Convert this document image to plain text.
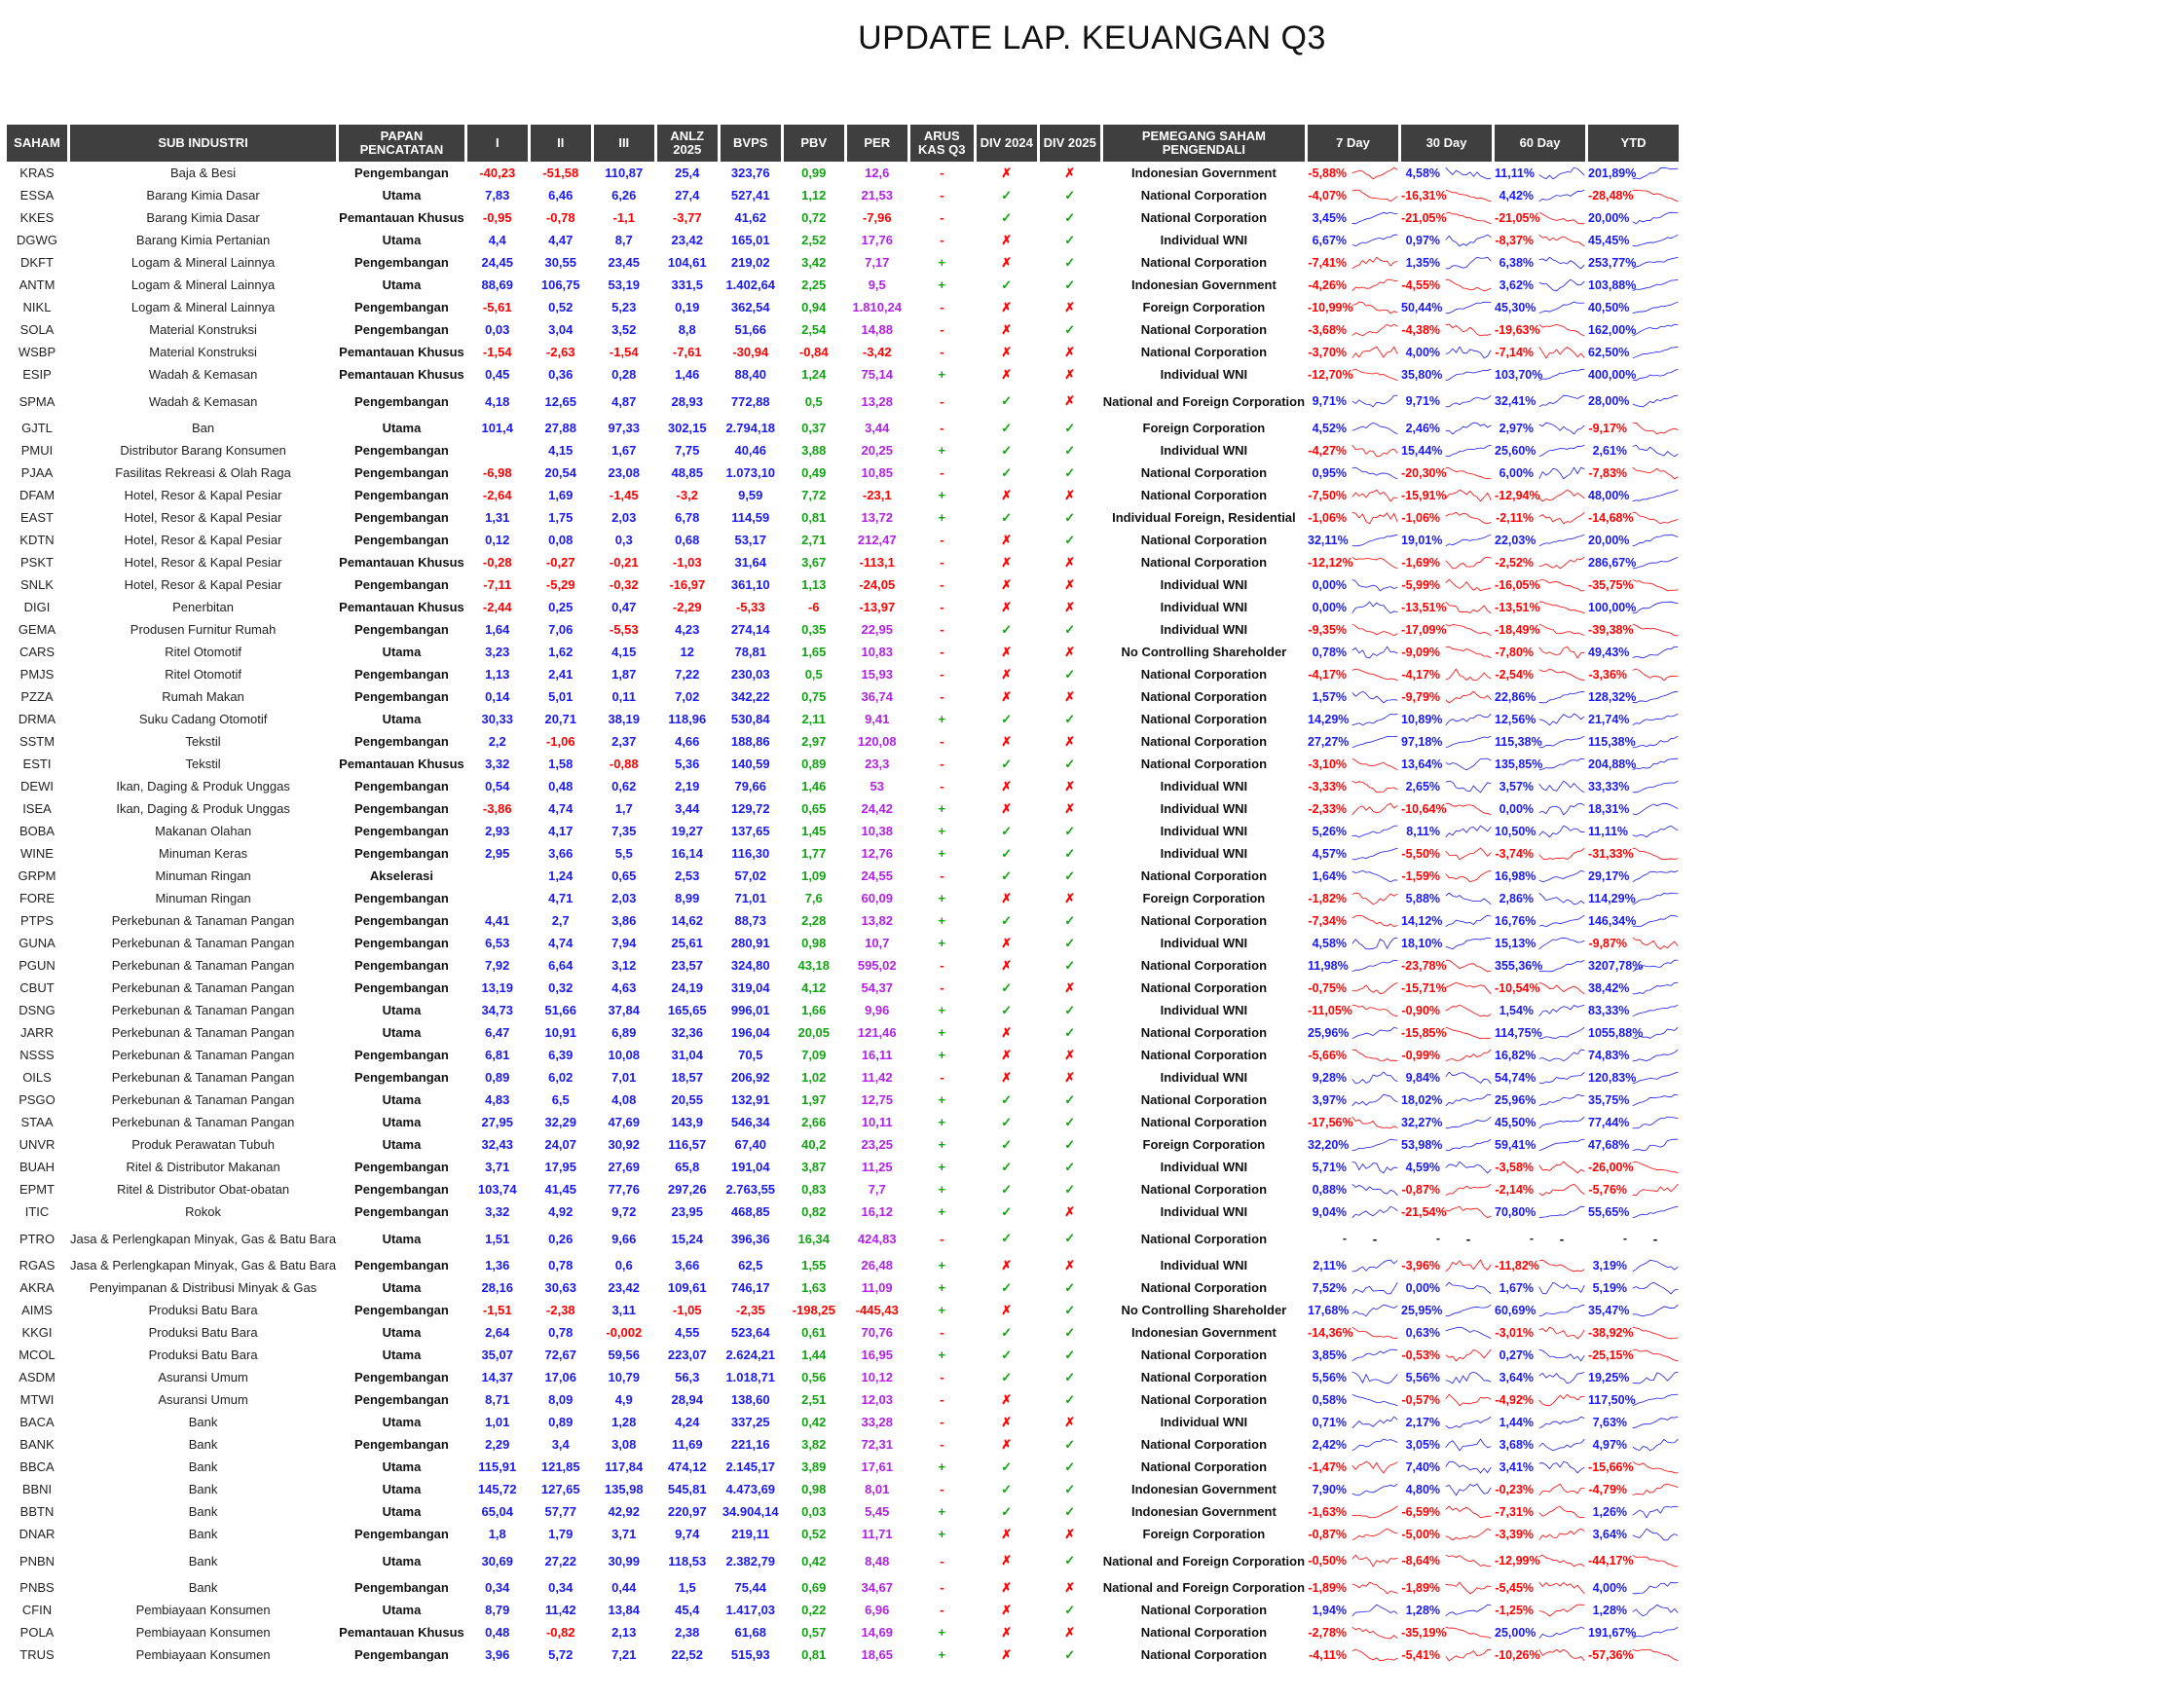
UPDATE LAP. KEUANGAN Q3
SAHAM	SUB INDUSTRI	PAPAN PENCATATAN	I	II	III	ANLZ 2025	BVPS	PBV	PER	ARUS KAS Q3	DIV 2024	DIV 2025	PEMEGANG SAHAM PENGENDALI	7 Day	30 Day	60 Day	YTD
KRAS	Baja & Besi	Pengembangan	-40,23	-51,58	110,87	25,4	323,76	0,99	12,6	-	✗	✗	Indonesian Government	-5,88%	4,58%	11,11%	201,89%

ESSA	Barang Kimia Dasar	Utama	7,83	6,46	6,26	27,4	527,41	1,12	21,53	-	✓	✓	National Corporation	-4,07%	-16,31%	4,42%	-28,48%

KKES	Barang Kimia Dasar	Pemantauan Khusus	-0,95	-0,78	-1,1	-3,77	41,62	0,72	-7,96	-	✓	✓	National Corporation	3,45%	-21,05%	-21,05%	20,00%

DGWG	Barang Kimia Pertanian	Utama	4,4	4,47	8,7	23,42	165,01	2,52	17,76	-	✗	✓	Individual WNI	6,67%	0,97%	-8,37%	45,45%

DKFT	Logam & Mineral Lainnya	Pengembangan	24,45	30,55	23,45	104,61	219,02	3,42	7,17	+	✗	✓	National Corporation	-7,41%	1,35%	6,38%	253,77%

ANTM	Logam & Mineral Lainnya	Utama	88,69	106,75	53,19	331,5	1.402,64	2,25	9,5	+	✓	✓	Indonesian Government	-4,26%	-4,55%	3,62%	103,88%

NIKL	Logam & Mineral Lainnya	Pengembangan	-5,61	0,52	5,23	0,19	362,54	0,94	1.810,24	-	✗	✗	Foreign Corporation	-10,99%	50,44%	45,30%	40,50%

SOLA	Material Konstruksi	Pengembangan	0,03	3,04	3,52	8,8	51,66	2,54	14,88	-	✗	✓	National Corporation	-3,68%	-4,38%	-19,63%	162,00%

WSBP	Material Konstruksi	Pemantauan Khusus	-1,54	-2,63	-1,54	-7,61	-30,94	-0,84	-3,42	-	✗	✗	National Corporation	-3,70%	4,00%	-7,14%	62,50%

ESIP	Wadah & Kemasan	Pemantauan Khusus	0,45	0,36	0,28	1,46	88,40	1,24	75,14	+	✗	✗	Individual WNI	-12,70%	35,80%	103,70%	400,00%

SPMA	Wadah & Kemasan	Pengembangan	4,18	12,65	4,87	28,93	772,88	0,5	13,28	-	✓	✗	National and Foreign Corporation	9,71%	9,71%	32,41%	28,00%

GJTL	Ban	Utama	101,4	27,88	97,33	302,15	2.794,18	0,37	3,44	-	✓	✓	Foreign Corporation	4,52%	2,46%	2,97%	-9,17%

PMUI	Distributor Barang Konsumen	Pengembangan		4,15	1,67	7,75	40,46	3,88	20,25	+	✓	✓	Individual WNI	-4,27%	15,44%	25,60%	2,61%

PJAA	Fasilitas Rekreasi & Olah Raga	Pengembangan	-6,98	20,54	23,08	48,85	1.073,10	0,49	10,85	-	✓	✓	National Corporation	0,95%	-20,30%	6,00%	-7,83%

DFAM	Hotel, Resor & Kapal Pesiar	Pengembangan	-2,64	1,69	-1,45	-3,2	9,59	7,72	-23,1	+	✗	✗	National Corporation	-7,50%	-15,91%	-12,94%	48,00%

EAST	Hotel, Resor & Kapal Pesiar	Pengembangan	1,31	1,75	2,03	6,78	114,59	0,81	13,72	+	✓	✓	Individual Foreign, Residential	-1,06%	-1,06%	-2,11%	-14,68%

KDTN	Hotel, Resor & Kapal Pesiar	Pengembangan	0,12	0,08	0,3	0,68	53,17	2,71	212,47	-	✗	✓	National Corporation	32,11%	19,01%	22,03%	20,00%

PSKT	Hotel, Resor & Kapal Pesiar	Pemantauan Khusus	-0,28	-0,27	-0,21	-1,03	31,64	3,67	-113,1	-	✗	✗	National Corporation	-12,12%	-1,69%	-2,52%	286,67%

SNLK	Hotel, Resor & Kapal Pesiar	Pengembangan	-7,11	-5,29	-0,32	-16,97	361,10	1,13	-24,05	-	✗	✗	Individual WNI	0,00%	-5,99%	-16,05%	-35,75%

DIGI	Penerbitan	Pemantauan Khusus	-2,44	0,25	0,47	-2,29	-5,33	-6	-13,97	-	✗	✗	Individual WNI	0,00%	-13,51%	-13,51%	100,00%

GEMA	Produsen Furnitur Rumah	Pengembangan	1,64	7,06	-5,53	4,23	274,14	0,35	22,95	-	✓	✓	Individual WNI	-9,35%	-17,09%	-18,49%	-39,38%

CARS	Ritel Otomotif	Utama	3,23	1,62	4,15	12	78,81	1,65	10,83	-	✗	✗	No Controlling Shareholder	0,78%	-9,09%	-7,80%	49,43%

PMJS	Ritel Otomotif	Pengembangan	1,13	2,41	1,87	7,22	230,03	0,5	15,93	-	✗	✓	National Corporation	-4,17%	-4,17%	-2,54%	-3,36%

PZZA	Rumah Makan	Pengembangan	0,14	5,01	0,11	7,02	342,22	0,75	36,74	-	✗	✗	National Corporation	1,57%	-9,79%	22,86%	128,32%

DRMA	Suku Cadang Otomotif	Utama	30,33	20,71	38,19	118,96	530,84	2,11	9,41	+	✓	✓	National Corporation	14,29%	10,89%	12,56%	21,74%

SSTM	Tekstil	Pengembangan	2,2	-1,06	2,37	4,66	188,86	2,97	120,08	-	✗	✗	National Corporation	27,27%	97,18%	115,38%	115,38%

ESTI	Tekstil	Pemantauan Khusus	3,32	1,58	-0,88	5,36	140,59	0,89	23,3	-	✓	✓	National Corporation	-3,10%	13,64%	135,85%	204,88%

DEWI	Ikan, Daging & Produk Unggas	Pengembangan	0,54	0,48	0,62	2,19	79,66	1,46	53	-	✗	✗	Individual WNI	-3,33%	2,65%	3,57%	33,33%

ISEA	Ikan, Daging & Produk Unggas	Pengembangan	-3,86	4,74	1,7	3,44	129,72	0,65	24,42	+	✗	✗	Individual WNI	-2,33%	-10,64%	0,00%	18,31%

BOBA	Makanan Olahan	Pengembangan	2,93	4,17	7,35	19,27	137,65	1,45	10,38	+	✓	✓	Individual WNI	5,26%	8,11%	10,50%	11,11%

WINE	Minuman Keras	Pengembangan	2,95	3,66	5,5	16,14	116,30	1,77	12,76	+	✓	✓	Individual WNI	4,57%	-5,50%	-3,74%	-31,33%

GRPM	Minuman Ringan	Akselerasi		1,24	0,65	2,53	57,02	1,09	24,55	-	✓	✓	National Corporation	1,64%	-1,59%	16,98%	29,17%

FORE	Minuman Ringan	Pengembangan		4,71	2,03	8,99	71,01	7,6	60,09	+	✗	✗	Foreign Corporation	-1,82%	5,88%	2,86%	114,29%

PTPS	Perkebunan & Tanaman Pangan	Pengembangan	4,41	2,7	3,86	14,62	88,73	2,28	13,82	+	✓	✓	National Corporation	-7,34%	14,12%	16,76%	146,34%

GUNA	Perkebunan & Tanaman Pangan	Pengembangan	6,53	4,74	7,94	25,61	280,91	0,98	10,7	+	✗	✓	Individual WNI	4,58%	18,10%	15,13%	-9,87%

PGUN	Perkebunan & Tanaman Pangan	Pengembangan	7,92	6,64	3,12	23,57	324,80	43,18	595,02	-	✗	✓	National Corporation	11,98%	-23,78%	355,36%	3207,78%

CBUT	Perkebunan & Tanaman Pangan	Pengembangan	13,19	0,32	4,63	24,19	319,04	4,12	54,37	-	✓	✗	National Corporation	-0,75%	-15,71%	-10,54%	38,42%

DSNG	Perkebunan & Tanaman Pangan	Utama	34,73	51,66	37,84	165,65	996,01	1,66	9,96	+	✓	✓	Individual WNI	-11,05%	-0,90%	1,54%	83,33%

JARR	Perkebunan & Tanaman Pangan	Utama	6,47	10,91	6,89	32,36	196,04	20,05	121,46	+	✗	✓	National Corporation	25,96%	-15,85%	114,75%	1055,88%

NSSS	Perkebunan & Tanaman Pangan	Pengembangan	6,81	6,39	10,08	31,04	70,5	7,09	16,11	+	✗	✗	National Corporation	-5,66%	-0,99%	16,82%	74,83%

OILS	Perkebunan & Tanaman Pangan	Pengembangan	0,89	6,02	7,01	18,57	206,92	1,02	11,42	-	✗	✗	Individual WNI	9,28%	9,84%	54,74%	120,83%

PSGO	Perkebunan & Tanaman Pangan	Utama	4,83	6,5	4,08	20,55	132,91	1,97	12,75	+	✓	✓	National Corporation	3,97%	18,02%	25,96%	35,75%

STAA	Perkebunan & Tanaman Pangan	Utama	27,95	32,29	47,69	143,9	546,34	2,66	10,11	+	✓	✓	National Corporation	-17,56%	32,27%	45,50%	77,44%

UNVR	Produk Perawatan Tubuh	Utama	32,43	24,07	30,92	116,57	67,40	40,2	23,25	+	✓	✓	Foreign Corporation	32,20%	53,98%	59,41%	47,68%

BUAH	Ritel & Distributor Makanan	Pengembangan	3,71	17,95	27,69	65,8	191,04	3,87	11,25	+	✓	✓	Individual WNI	5,71%	4,59%	-3,58%	-26,00%

EPMT	Ritel & Distributor Obat-obatan	Pengembangan	103,74	41,45	77,76	297,26	2.763,55	0,83	7,7	+	✓	✓	National Corporation	0,88%	-0,87%	-2,14%	-5,76%

ITIC	Rokok	Pengembangan	3,32	4,92	9,72	23,95	468,85	0,82	16,12	+	✓	✗	Individual WNI	9,04%	-21,54%	70,80%	55,65%

PTRO	Jasa & Perlengkapan Minyak, Gas & Batu Bara	Utama	1,51	0,26	9,66	15,24	396,36	16,34	424,83	-	✓	✓	National Corporation	- -	- -	- -	- -

RGAS	Jasa & Perlengkapan Minyak, Gas & Batu Bara	Pengembangan	1,36	0,78	0,6	3,66	62,5	1,55	26,48	+	✗	✗	Individual WNI	2,11%	-3,96%	-11,82%	3,19%

AKRA	Penyimpanan & Distribusi Minyak & Gas	Utama	28,16	30,63	23,42	109,61	746,17	1,63	11,09	+	✓	✓	National Corporation	7,52%	0,00%	1,67%	5,19%

AIMS	Produksi Batu Bara	Pengembangan	-1,51	-2,38	3,11	-1,05	-2,35	-198,25	-445,43	+	✗	✓	No Controlling Shareholder	17,68%	25,95%	60,69%	35,47%

KKGI	Produksi Batu Bara	Utama	2,64	0,78	-0,002	4,55	523,64	0,61	70,76	-	✓	✓	Indonesian Government	-14,36%	0,63%	-3,01%	-38,92%

MCOL	Produksi Batu Bara	Utama	35,07	72,67	59,56	223,07	2.624,21	1,44	16,95	+	✓	✓	National Corporation	3,85%	-0,53%	0,27%	-25,15%

ASDM	Asuransi Umum	Pengembangan	14,37	17,06	10,79	56,3	1.018,71	0,56	10,12	-	✓	✓	National Corporation	5,56%	5,56%	3,64%	19,25%

MTWI	Asuransi Umum	Pengembangan	8,71	8,09	4,9	28,94	138,60	2,51	12,03	-	✗	✓	National Corporation	0,58%	-0,57%	-4,92%	117,50%

BACA	Bank	Utama	1,01	0,89	1,28	4,24	337,25	0,42	33,28	-	✗	✗	Individual WNI	0,71%	2,17%	1,44%	7,63%

BANK	Bank	Pengembangan	2,29	3,4	3,08	11,69	221,16	3,82	72,31	-	✗	✓	National Corporation	2,42%	3,05%	3,68%	4,97%

BBCA	Bank	Utama	115,91	121,85	117,84	474,12	2.145,17	3,89	17,61	+	✓	✓	National Corporation	-1,47%	7,40%	3,41%	-15,66%

BBNI	Bank	Utama	145,72	127,65	135,98	545,81	4.473,69	0,98	8,01	-	✓	✓	Indonesian Government	7,90%	4,80%	-0,23%	-4,79%

BBTN	Bank	Utama	65,04	57,77	42,92	220,97	34.904,14	0,03	5,45	+	✓	✓	Indonesian Government	-1,63%	-6,59%	-7,31%	1,26%

DNAR	Bank	Pengembangan	1,8	1,79	3,71	9,74	219,11	0,52	11,71	+	✗	✗	Foreign Corporation	-0,87%	-5,00%	-3,39%	3,64%

PNBN	Bank	Utama	30,69	27,22	30,99	118,53	2.382,79	0,42	8,48	-	✗	✓	National and Foreign Corporation	-0,50%	-8,64%	-12,99%	-44,17%

PNBS	Bank	Pengembangan	0,34	0,34	0,44	1,5	75,44	0,69	34,67	-	✗	✗	National and Foreign Corporation	-1,89%	-1,89%	-5,45%	4,00%

CFIN	Pembiayaan Konsumen	Utama	8,79	11,42	13,84	45,4	1.417,03	0,22	6,96	-	✗	✓	National Corporation	1,94%	1,28%	-1,25%	1,28%

POLA	Pembiayaan Konsumen	Pemantauan Khusus	0,48	-0,82	2,13	2,38	61,68	0,57	14,69	+	✗	✗	National Corporation	-2,78%	-35,19%	25,00%	191,67%

TRUS	Pembiayaan Konsumen	Pengembangan	3,96	5,72	7,21	22,52	515,93	0,81	18,65	+	✗	✓	National Corporation	-4,11%	-5,41%	-10,26%	-57,36%
